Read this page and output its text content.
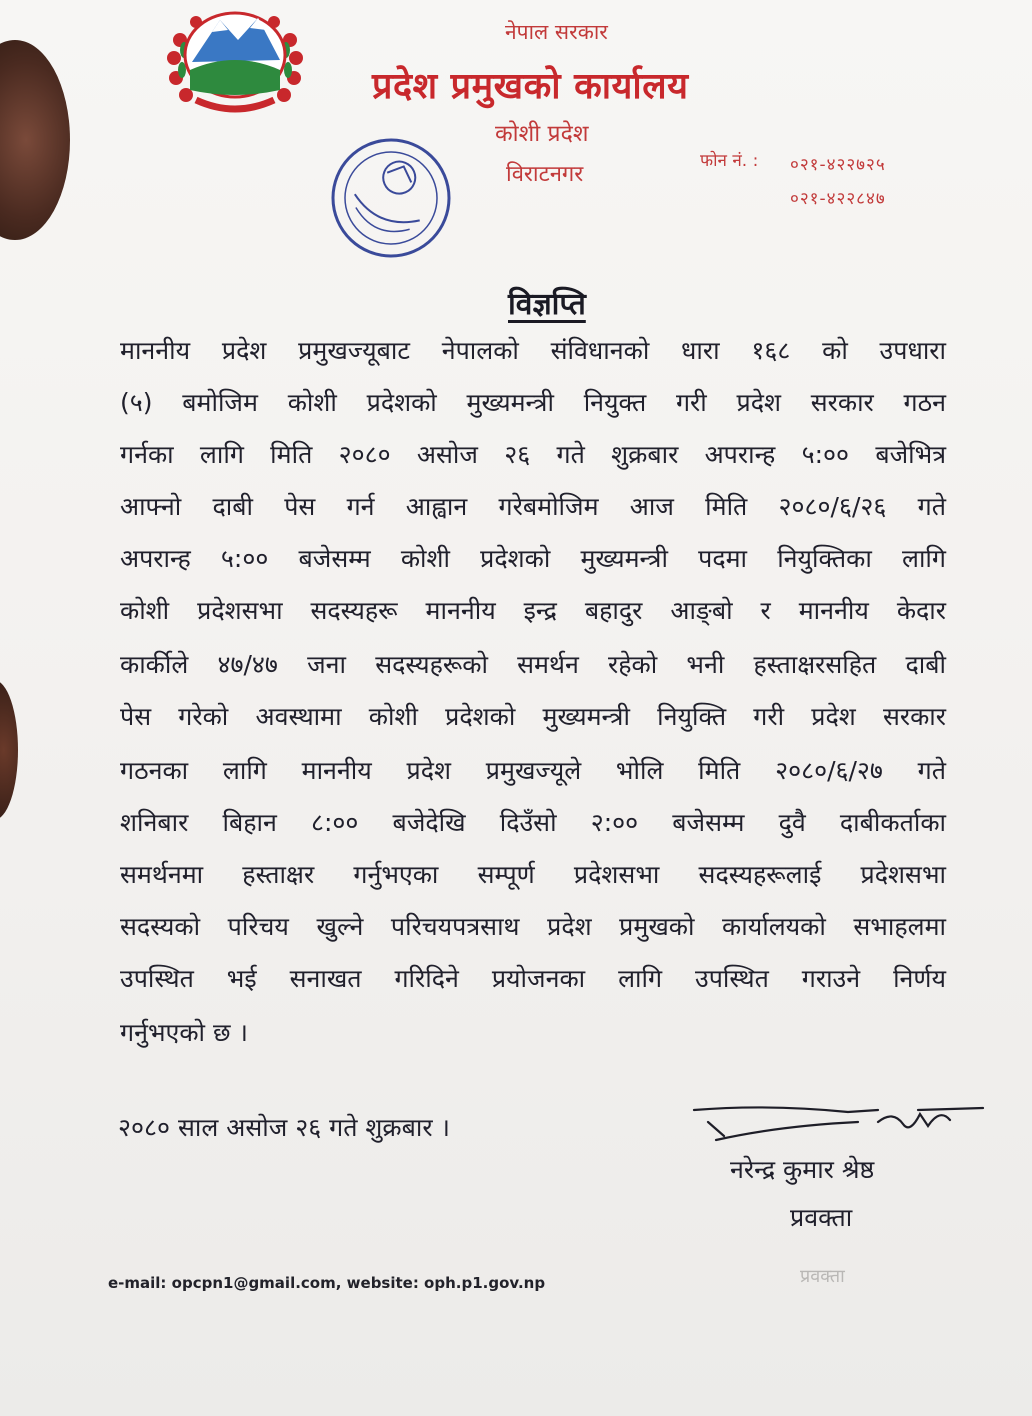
नेपाल सरकार
प्रदेश प्रमुखको कार्यालय
कोशी प्रदेश
विराटनगर
फोन नं. : ०२१-४२२७२५
०२१-४२२८४७
विज्ञप्ति
माननीय प्रदेश प्रमुखज्यूबाट नेपालको संविधानको धारा १६८ को उपधारा
(५) बमोजिम कोशी प्रदेशको मुख्यमन्त्री नियुक्त गरी प्रदेश सरकार गठन
गर्नका लागि मिति २०८० असोज २६ गते शुक्रबार अपरान्ह ५:०० बजेभित्र
आफ्नो दाबी पेस गर्न आह्वान गरेबमोजिम आज मिति २०८०/६/२६ गते
अपरान्ह ५:०० बजेसम्म कोशी प्रदेशको मुख्यमन्त्री पदमा नियुक्तिका लागि
कोशी प्रदेशसभा सदस्यहरू माननीय इन्द्र बहादुर आङ्बो र माननीय केदार
कार्कीले ४७/४७ जना सदस्यहरूको समर्थन रहेको भनी हस्ताक्षरसहित दाबी
पेस गरेको अवस्थामा कोशी प्रदेशको मुख्यमन्त्री नियुक्ति गरी प्रदेश सरकार
गठनका लागि माननीय प्रदेश प्रमुखज्यूले भोलि मिति २०८०/६/२७ गते
शनिबार बिहान ८:०० बजेदेखि दिउँसो २:०० बजेसम्म दुवै दाबीकर्ताका
समर्थनमा हस्ताक्षर गर्नुभएका सम्पूर्ण प्रदेशसभा सदस्यहरूलाई प्रदेशसभा
सदस्यको परिचय खुल्ने परिचयपत्रसाथ प्रदेश प्रमुखको कार्यालयको सभाहलमा
उपस्थित भई सनाखत गरिदिने प्रयोजनका लागि उपस्थित गराउने निर्णय
गर्नुभएको छ ।
२०८० साल असोज २६ गते शुक्रबार ।
नरेन्द्र कुमार श्रेष्ठ
प्रवक्ता
e-mail: opcpn1@gmail.com, website: oph.p1.gov.np	प्रवक्ता
